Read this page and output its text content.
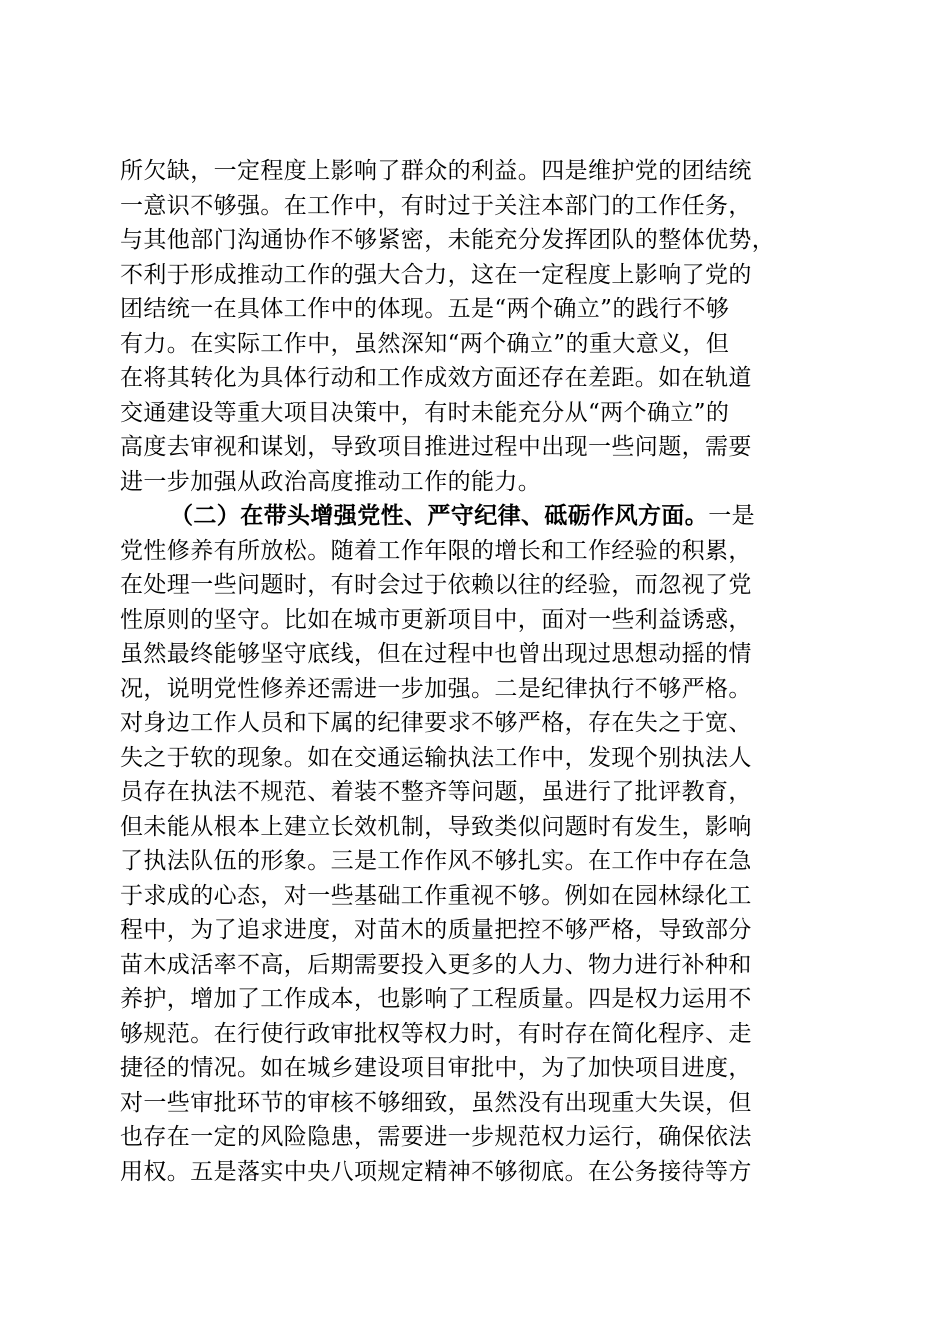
所欠缺，一定程度上影响了群众的利益。四是维护党的团结统
一意识不够强。在工作中，有时过于关注本部门的工作任务，
与其他部门沟通协作不够紧密，未能充分发挥团队的整体优势，
不利于形成推动工作的强大合力，这在一定程度上影响了党的
团结统一在具体工作中的体现。五是“两个确立”的践行不够
有力。在实际工作中，虽然深知“两个确立”的重大意义，但
在将其转化为具体行动和工作成效方面还存在差距。如在轨道
交通建设等重大项目决策中，有时未能充分从“两个确立”的
高度去审视和谋划，导致项目推进过程中出现一些问题，需要
进一步加强从政治高度推动工作的能力。
（二）在带头增强党性、严守纪律、砥砺作风方面。一是
党性修养有所放松。随着工作年限的增长和工作经验的积累，
在处理一些问题时，有时会过于依赖以往的经验，而忽视了党
性原则的坚守。比如在城市更新项目中，面对一些利益诱惑，
虽然最终能够坚守底线，但在过程中也曾出现过思想动摇的情
况，说明党性修养还需进一步加强。二是纪律执行不够严格。
对身边工作人员和下属的纪律要求不够严格，存在失之于宽、
失之于软的现象。如在交通运输执法工作中，发现个别执法人
员存在执法不规范、着装不整齐等问题，虽进行了批评教育，
但未能从根本上建立长效机制，导致类似问题时有发生，影响
了执法队伍的形象。三是工作作风不够扎实。在工作中存在急
于求成的心态，对一些基础工作重视不够。例如在园林绿化工
程中，为了追求进度，对苗木的质量把控不够严格，导致部分
苗木成活率不高，后期需要投入更多的人力、物力进行补种和
养护，增加了工作成本，也影响了工程质量。四是权力运用不
够规范。在行使行政审批权等权力时，有时存在简化程序、走
捷径的情况。如在城乡建设项目审批中，为了加快项目进度，
对一些审批环节的审核不够细致，虽然没有出现重大失误，但
也存在一定的风险隐患，需要进一步规范权力运行，确保依法
用权。五是落实中央八项规定精神不够彻底。在公务接待等方
